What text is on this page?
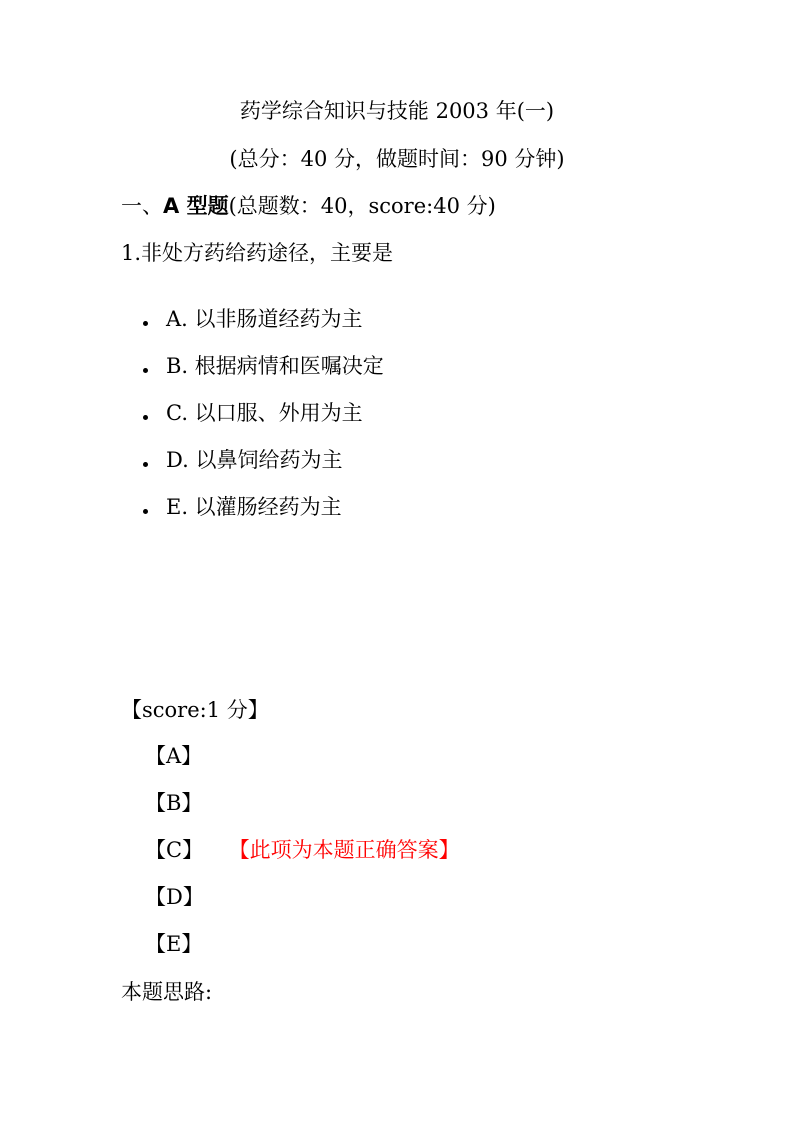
药学综合知识与技能 2003 年(一)
(总分：40 分，做题时间：90 分钟)
一、A 型题(总题数：40，score:40 分)
1.非处方药给药途径，主要是
A. 以非肠道经药为主
B. 根据病情和医嘱决定
C. 以口服、外用为主
D. 以鼻饲给药为主
E. 以灌肠经药为主
【score:1 分】
【A】
【B】
【C】 【此项为本题正确答案】
【D】
【E】
本题思路:
